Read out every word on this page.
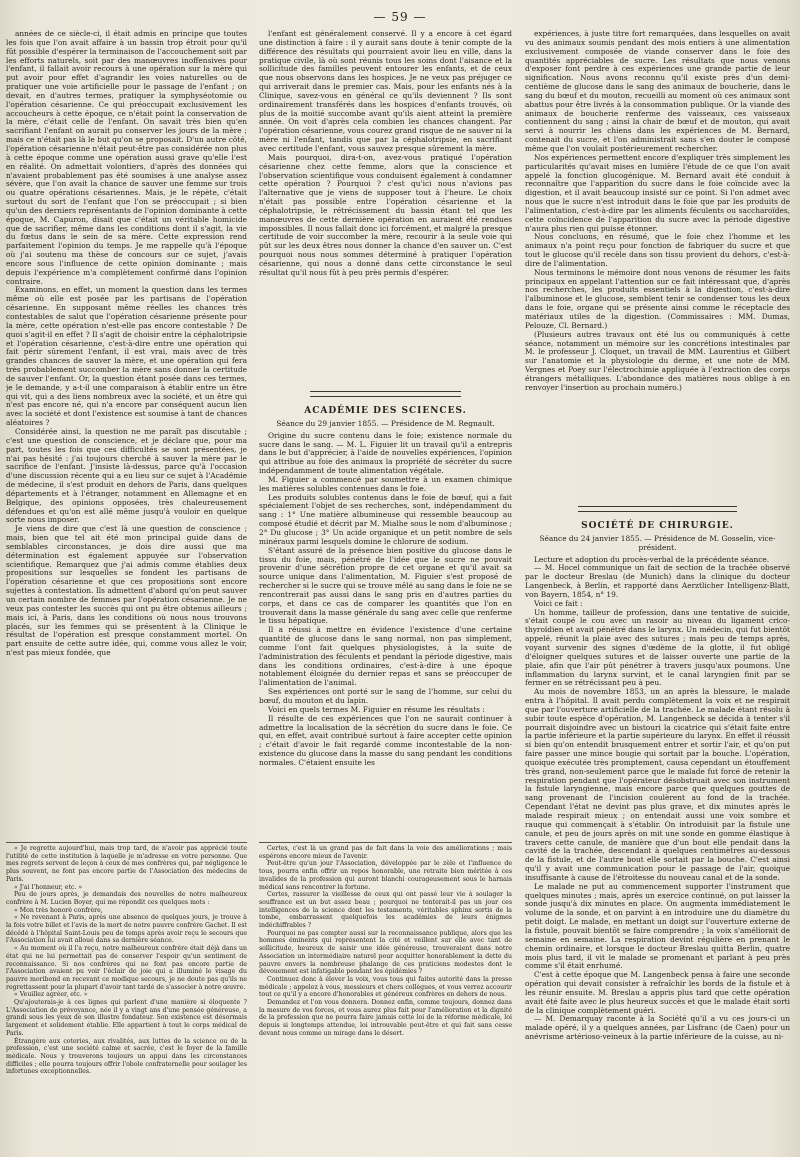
— 59 —

années de ce siècle-ci, il était admis en principe que toutes les fois que l'on avait affaire à un bassin trop étroit pour qu'il fût possible d'espérer la terminaison de l'accouchement soit par les efforts naturels, soit par des manœuvres inoffensives pour l'enfant, il fallait avoir recours à une opération sur la mère qui put avoir pour effet d'agrandir les voies naturelles ou de pratiquer une voie artificielle pour le passage de l'enfant ; on devait, en d'autres termes, pratiquer la symphyséotomie ou l'opération césarienne. Ce qui préoccupait exclusivement les accoucheurs à cette époque, ce n'était point la conservation de la mère, c'était celle de l'enfant. On savait très bien qu'en sacrifiant l'enfant on aurait pu conserver les jours de la mère ; mais ce n'était pas là le but qu'on se proposait. D'un autre côté, l'opération césarienne n'était peut-être pas considérée non plus à cette époque comme une opération aussi grave qu'elle l'est en réalité. On admettait volontiers, d'après des données qui n'avaient probablement pas été soumises à une analyse assez sévère, que l'on avait la chance de sauver une femme sur trois ou quatre opérations césariennes. Mais, je le répète, c'était surtout du sort de l'enfant que l'on se préoccupait ; si bien qu'un des derniers représentants de l'opinion dominante à cette époque, M. Capuron, disait que c'était un véritable homicide que de sacrifier, même dans les conditions dont il s'agit, la vie du fœtus dans le sein de sa mère. Cette expression rend parfaitement l'opinion du temps. Je me rappelle qu'à l'époque où j'ai soutenu ma thèse de concours sur ce sujet, j'avais encore sous l'influence de cette opinion dominante ; mais depuis l'expérience m'a complètement confirmé dans l'opinion contraire.

Examinons, en effet, un moment la question dans les termes même où elle est posée par les partisans de l'opération césarienne. En supposant même réelles les chances très contestables de salut que l'opération césarienne présente pour la mère, cette opération n'est-elle pas encore contestable ? De quoi s'agit-il en effet ? Il s'agit de choisir entre la céphalotripsie et l'opération césarienne, c'est-à-dire entre une opération qui fait périr sûrement l'enfant, il est vrai, mais avec de très grandes chances de sauver la mère, et une opération qui fera très probablement succomber la mère sans donner la certitude de sauver l'enfant. Or, la question étant posée dans ces termes, je le demande, y a-t-il une comparaison à établir entre un être qui vit, qui a des liens nombreux avec la société, et un être qui n'est pas encore né, qui n'a encore par conséquent aucun lien avec la société et dont l'existence est soumise à tant de chances aléatoires ?

Considérée ainsi, la question ne me paraît pas discutable ; c'est une question de conscience, et je déclare que, pour ma part, toutes les fois que ces difficultés se sont présentées, je n'ai pas hésité : j'ai toujours cherché à sauver la mère par le sacrifice de l'enfant. J'insiste là-dessus, parce qu'à l'occasion d'une discussion récente qui a eu lieu sur ce sujet à l'Académie de médecine, il s'est produit en dehors de Paris, dans quelques départements et à l'étranger, notamment en Allemagne et en Belgique, des opinions opposées, très chaleureusement défendues et qu'on est allé même jusqu'à vouloir en quelque sorte nous imposer.

Je viens de dire que c'est là une question de conscience ; mais, bien que tel ait été mon principal guide dans de semblables circonstances, je dois dire aussi que ma détermination est également appuyée sur l'observation scientifique. Remarquez que j'ai admis comme établies deux propositions sur lesquelles se fondent les partisans de l'opération césarienne et que ces propositions sont encore sujettes à contestation. Ils admettent d'abord qu'on peut sauver un certain nombre de femmes par l'opération césarienne. Je ne veux pas contester les succès qui ont pu être obtenus ailleurs ; mais ici, à Paris, dans les conditions où nous nous trouvons placés, sur les femmes qui se présentent à la Clinique le résultat de l'opération est presque constamment mortel. On part ensuite de cette autre idée, qui, comme vous allez le voir, n'est pas mieux fondée, que

« Je regrette aujourd'hui, mais trop tard, de n'avoir pas apprécié toute l'utilité de cette institution à laquelle je m'adresse en votre personne. Que mes regrets servent de leçon à ceux de mes confrères qui, par négligence le plus souvent, ne font pas encore partie de l'Association des médecins de Paris.

« J'ai l'honneur, etc. »

Peu de jours après, je demandais des nouvelles de notre malheureux confrère à M. Lucien Boyer, qui me répondit ces quelques mots :

« Mon très honoré confrère,

« Ne revenant à Paris, après une absence de quelques jours, je trouve à la fois votre billet et l'avis de la mort de notre pauvre confrère Gachet. Il est décédé à l'hôpital Saint-Louis peu de temps après avoir reçu le secours que l'Association lui avait alloué dans sa dernière séance.

« Au moment où il l'a reçu, notre malheureux confrère était déjà dans un état qui ne lui permettait pas de conserver l'espoir qu'un sentiment de reconnaissance. Si nos confrères qui ne font pas encore partie de l'Association avaient pu voir l'éclair de joie qui a illuminé le visage du pauvre moribond en recevant ce modique secours, je ne doute pas qu'ils ne regrettassent pour la plupart d'avoir tant tardé de s'associer à notre œuvre.

« Veuillez agréer, etc. »

Qu'ajouterais-je à ces lignes qui parlent d'une manière si éloquente ? L'Association de prévoyance, née il y a vingt ans d'une pensée généreuse, a grandi sous les yeux de son illustre fondateur. Son existence est désormais largement et solidement établie. Elle appartient à tout le corps médical de Paris.

Étrangère aux coteries, aux rivalités, aux luttes de la science ou de la profession, c'est une société calme et sacrée, c'est le foyer de la famille médicale. Nous y trouverons toujours un appui dans les circonstances difficiles ; elle pourra toujours offrir l'obole confraternelle pour soulager les infortunes exceptionnelles.

l'enfant est généralement conservé. Il y a encore à cet égard une distinction à faire : il y aurait sans doute à tenir compte de la différence des résultats qui pourraient avoir lieu en ville, dans la pratique civile, là où sont réunis tous les soins dont l'aisance et la sollicitude des familles peuvent entourer les enfants, et de ceux que nous observons dans les hospices. Je ne veux pas préjuger ce qui arriverait dans le premier cas. Mais, pour les enfants nés à la Clinique, savez-vous en général ce qu'ils deviennent ? Ils sont ordinairement transférés dans les hospices d'enfants trouvés, où plus de la moitié succombe avant qu'ils aient atteint la première année. On voit d'après cela combien les chances changent. Par l'opération césarienne, vous courez grand risque de ne sauver ni la mère ni l'enfant, tandis que par la céphalotripsie, en sacrifiant avec certitude l'enfant, vous sauvez presque sûrement la mère.

Mais pourquoi, dira-t-on, avez-vous pratiqué l'opération césarienne chez cette femme, alors que la conscience et l'observation scientifique vous conduisent également à condamner cette opération ? Pourquoi ? c'est qu'ici nous n'avions pas l'alternative que je viens de supposer tout à l'heure. Le choix n'était pas possible entre l'opération césarienne et la céphalotripsie, le rétrécissement du bassin étant tel que les manœuvres de cette dernière opération en auraient été rendues impossibles. Il nous fallait donc ici forcément, et malgré la presque certitude de voir succomber la mère, recourir à la seule voie qui pût sur les deux êtres nous donner la chance d'en sauver un. C'est pourquoi nous nous sommes déterminé à pratiquer l'opération césarienne, qui nous a donné dans cette circonstance le seul résultat qu'il nous fût à peu près permis d'espérer.

ACADÉMIE DES SCIENCES.
Séance du 29 janvier 1855. — Présidence de M. Regnault.

Origine du sucre contenu dans le foie; existence normale du sucre dans le sang. — M. L. Figuier lit un travail qu'il a entrepris dans le but d'apprécier, à l'aide de nouvelles expériences, l'opinion qui attribue au foie des animaux la propriété de sécréter du sucre indépendamment de toute alimentation végétale.

M. Figuier a commencé par soumettre à un examen chimique les matières solubles contenues dans le foie.

Les produits solubles contenus dans le foie de bœuf, qui a fait spécialement l'objet de ses recherches, sont, indépendamment du sang : 1° Une matière albumineuse qui ressemble beaucoup au composé étudié et décrit par M. Mialhe sous le nom d'albuminose ; 2° Du glucose ; 3° Un acide organique et un petit nombre de sels minéraux parmi lesquels domine le chlorure de sodium.

S'étant assuré de la présence bien positive du glucose dans le tissu du foie, mais, pénétré de l'idée que le sucre ne pouvait provenir d'une sécrétion propre de cet organe et qu'il avait sa source unique dans l'alimentation, M. Figuier s'est proposé de rechercher si le sucre qui se trouve mêlé au sang dans le foie ne se rencontrerait pas aussi dans le sang pris en d'autres parties du corps, et dans ce cas de comparer les quantités que l'on en trouverait dans la masse générale du sang avec celle que renferme le tissu hépatique.

Il a réussi à mettre en évidence l'existence d'une certaine quantité de glucose dans le sang normal, non pas simplement, comme l'ont fait quelques physiologistes, à la suite de l'administration des féculents et pendant la période digestive, mais dans les conditions ordinaires, c'est-à-dire à une époque notablement éloignée du dernier repas et sans se préoccuper de l'alimentation de l'animal.

Ses expériences ont porté sur le sang de l'homme, sur celui du bœuf, du mouton et du lapin.

Voici en quels termes M. Figuier en résume les résultats :

Il résulte de ces expériences que l'on ne saurait continuer à admettre la localisation de la sécrétion du sucre dans le foie. Ce qui, en effet, avait contribué surtout à faire accepter cette opinion ; c'était d'avoir le fait regardé comme incontestable de la non-existence du glucose dans la masse du sang pendant les conditions normales. C'étaient ensuite les

Certes, c'est là un grand pas de fait dans la voie des améliorations ; mais espérons encore mieux de l'avenir.

Peut-être qu'un jour l'Association, développée par le zèle et l'influence de tous, pourra enfin offrir un repos honorable, une retraite bien méritée à ces invalides de la profession qui auront blanchi courageusement sous le harnais médical sans rencontrer la fortune.

Certes, rassurer la vieillesse de ceux qui ont passé leur vie à soulager la souffrance est un but assez beau ; pourquoi ne tenterait-il pas un jour ces intelligences de la science dont les testaments, véritables sphinx sortis de la tombe, embarrassent quelquefois les académies de leurs énigmes indéchiffrables ?

Pourquoi ne pas compter aussi sur la reconnaissance publique, alors que les hommes éminents qui représentent la cité et veillent sur elle avec tant de sollicitude, heureux de saisir une idée généreuse, trouveraient dans notre Association un intermédiaire naturel pour acquitter honorablement la dette du pauvre envers la nombreuse phalange de ces praticiens modestes dont le dévouement est infatigable pendant les épidémies ?

Continuez donc à élever la voix, vous tous qui faites autorité dans la presse médicale ; appelez à vous, messieurs et chers collègues, et vous verrez accourir tout ce qu'il y a encore d'honorables et généreux confrères en dehors de nous.

Demandez et l'on vous donnera. Donnez enfin, comme toujours, donnez dans la mesure de vos forces, et vous aurez plus fait pour l'amélioration et la dignité de la profession que ne pourra faire jamais cette loi de la réforme médicale, loi depuis si longtemps attendue, loi introuvable peut-être et qui fait sans cesse devant nous comme un mirage dans le désert.

expériences, à juste titre fort remarquées, dans lesquelles on avait vu des animaux soumis pendant des mois entiers à une alimentation exclusivement composée de viande conserver dans le foie des quantités appréciables de sucre. Les résultats que nous venons d'exposer font perdre à ces expériences une grande partie de leur signification. Nous avons reconnu qu'il existe près d'un demi-centième de glucose dans le sang des animaux de boucherie, dans le sang du bœuf et du mouton, recueilli au moment où ces animaux sont abattus pour être livrés à la consommation publique. Or la viande des animaux de boucherie renferme des vaisseaux, ces vaisseaux contiennent du sang ; ainsi la chair de bœuf et de mouton, qui avait servi à nourrir les chiens dans les expériences de M. Bernard, contenait du sucre, et l'on administrait sans s'en douter le composé même que l'on voulait postérieurement rechercher.

Nos expériences permettent encore d'expliquer très simplement les particularités qu'avait mises en lumière l'étude de ce que l'on avait appelé la fonction glucogénique. M. Bernard avait été conduit à reconnaître que l'apparition du sucre dans le foie coïncide avec la digestion, et il avait beaucoup insisté sur ce point. Si l'on admet avec nous que le sucre n'est introduit dans le foie que par les produits de l'alimentation, c'est-à-dire par les aliments féculents ou saccharoïdes, cette coïncidence de l'apparition du sucre avec la période digestive n'aura plus rien qui puisse étonner.

Nous concluons, en résumé, que le foie chez l'homme et les animaux n'a point reçu pour fonction de fabriquer du sucre et que tout le glucose qu'il recèle dans son tissu provient du dehors, c'est-à-dire de l'alimentation.

Nous terminons le mémoire dont nous venons de résumer les faits principaux en appelant l'attention sur ce fait intéressant que, d'après nos recherches, les produits essentiels à la digestion, c'est-à-dire l'albuminose et le glucose, semblent tenir se condenser tous les deux dans le foie, organe qui se présente ainsi comme le réceptacle des matériaux utiles de la digestion. (Commissaires : MM. Dumas, Pelouze, Cl. Bernard.)

(Plusieurs autres travaux ont été lus ou communiqués à cette séance, notamment un mémoire sur les concrétions intestinales par M. le professeur J. Cloquet, un travail de MM. Laurentius et Gilbert sur l'anatomie et la physiologie du derme, et une note de MM. Vergnes et Poey sur l'électrochimie appliquée à l'extraction des corps étrangers métalliques. L'abondance des matières nous oblige à en renvoyer l'insertion au prochain numéro.)

SOCIÉTÉ DE CHIRURGIE.
Séance du 24 janvier 1855. — Présidence de M. Gosselin, vice-président.

Lecture et adoption du procès-verbal de la précédente séance.

— M. Hocel communique un fait de section de la trachée observé par le docteur Breslau (de Munich) dans la clinique du docteur Langenbeck, à Berlin, et rapporté dans Aerztlicher Intelligenz-Blatt, von Bayern, 1854, n° 19.

Voici ce fait :

Un homme, tailleur de profession, dans une tentative de suicide, s'était coupé le cou avec un rasoir au niveau du ligament crico-thyroïdien et avait pénétré dans le larynx. Un médecin, qui fut bientôt appelé, réunit la plaie avec des sutures ; mais peu de temps après, voyant survenir des signes d'œdème de la glotte, il fut obligé d'éloigner quelques sutures et de laisser ouverte une partie de la plaie, afin que l'air pût pénétrer à travers jusqu'aux poumons. Une inflammation du larynx survint, et le canal laryngien finit par se fermer en se rétrécissant peu à peu.

Au mois de novembre 1853, un an après la blessure, le malade entra à l'hôpital. Il avait perdu complètement la voix et ne respirait que par l'ouverture artificielle de la trachée. Le malade étant résolu à subir toute espèce d'opération, M. Langenbeck se décida à tenter s'il pourrait disjoindre avec un bistouri la cicatrice qui s'était faite entre la partie inférieure et la partie supérieure du larynx. En effet il réussit si bien qu'on entendit brusquement entrer et sortir l'air, et qu'on put faire passer une mince bougie qui sortait par la bouche. L'opération, quoique exécutée très promptement, causa cependant un étouffement très grand, non-seulement parce que le malade fut forcé de retenir la respiration pendant que l'opérateur désobstruait avec son instrument la fistule laryngienne, mais encore parce que quelques gouttes de sang provenant de l'incision coulèrent au fond de la trachée. Cependant l'état ne devint pas plus grave, et dix minutes après le malade respirait mieux ; on entendait aussi une voix sombre et rauque qui commençait à s'établir. On introduisit par la fistule une canule, et peu de jours après on mit une sonde en gomme élastique à travers cette canule, de manière que d'un bout elle pendait dans la cavité de la trachée, descendant à quelques centimètres au-dessous de la fistule, et de l'autre bout elle sortait par la bouche. C'est ainsi qu'il y avait une communication pour le passage de l'air, quoique insuffisante à cause de l'étroitesse du nouveau canal et de la sonde.

Le malade ne put au commencement supporter l'instrument que quelques minutes ; mais, après un exercice continué, on put laisser la sonde jusqu'à dix minutes en place. On augmenta immédiatement le volume de la sonde, et on parvint à en introduire une du diamètre du petit doigt. Le malade, en mettant un doigt sur l'ouverture externe de la fistule, pouvait bientôt se faire comprendre ; la voix s'améliorait de semaine en semaine. La respiration devint régulière en prenant le chemin ordinaire, et lorsque le docteur Breslau quitta Berlin, quatre mois plus tard, il vit le malade se promenant et parlant à peu près comme s'il était enrhumé.

C'est à cette époque que M. Langenbeck pensa à faire une seconde opération qui devait consister à refraîchir les bords de la fistule et à les réunir ensuite. M. Breslau a appris plus tard que cette opération avait été faite avec le plus heureux succès et que le malade était sorti de la clinique complètement guéri.

— M. Demarquay raconte à la Société qu'il a vu ces jours-ci un malade opéré, il y a quelques années, par Lisfranc (de Caen) pour un anévrisme artérioso-veineux à la partie inférieure de la cuisse, au ni-
